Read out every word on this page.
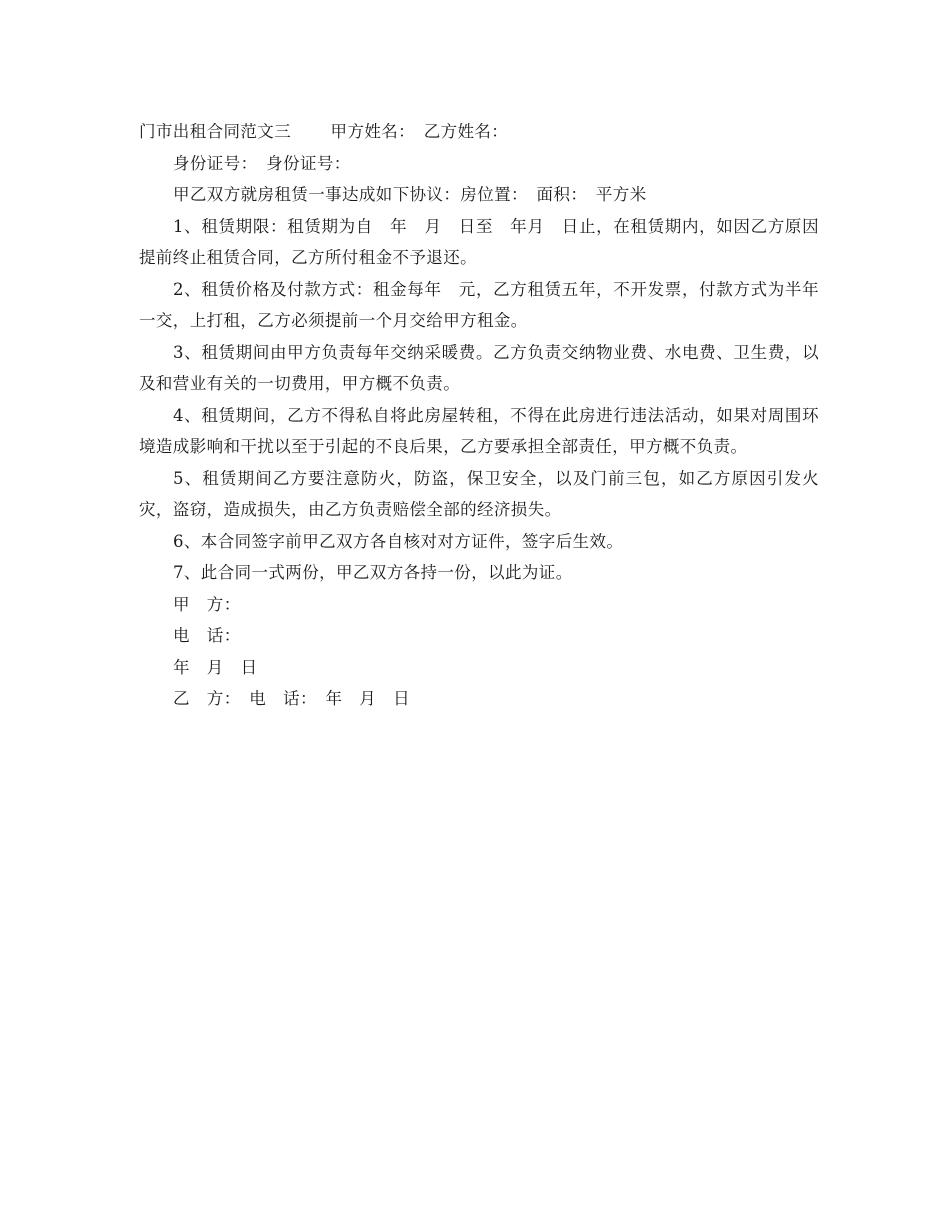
门市出租合同范文三　　 甲方姓名：　乙方姓名：

身份证号：　身份证号：

甲乙双方就房租赁一事达成如下协议：房位置：　面积：　平方米

1、租赁期限：租赁期为自　年　月　日至　年月　日止，在租赁期内，如因乙方原因提前终止租赁合同，乙方所付租金不予退还。

2、租赁价格及付款方式：租金每年　元，乙方租赁五年，不开发票，付款方式为半年一交，上打租，乙方必须提前一个月交给甲方租金。

3、租赁期间由甲方负责每年交纳采暖费。乙方负责交纳物业费、水电费、卫生费，以及和营业有关的一切费用，甲方概不负责。

4、租赁期间，乙方不得私自将此房屋转租，不得在此房进行违法活动，如果对周围环境造成影响和干扰以至于引起的不良后果，乙方要承担全部责任，甲方概不负责。

5、租赁期间乙方要注意防火，防盗，保卫安全，以及门前三包，如乙方原因引发火灾，盗窃，造成损失，由乙方负责赔偿全部的经济损失。

6、本合同签字前甲乙双方各自核对对方证件，签字后生效。

7、此合同一式两份，甲乙双方各持一份，以此为证。

甲　方：

电　话：

年　月　日

乙　方：　电　话：　年　月　日
